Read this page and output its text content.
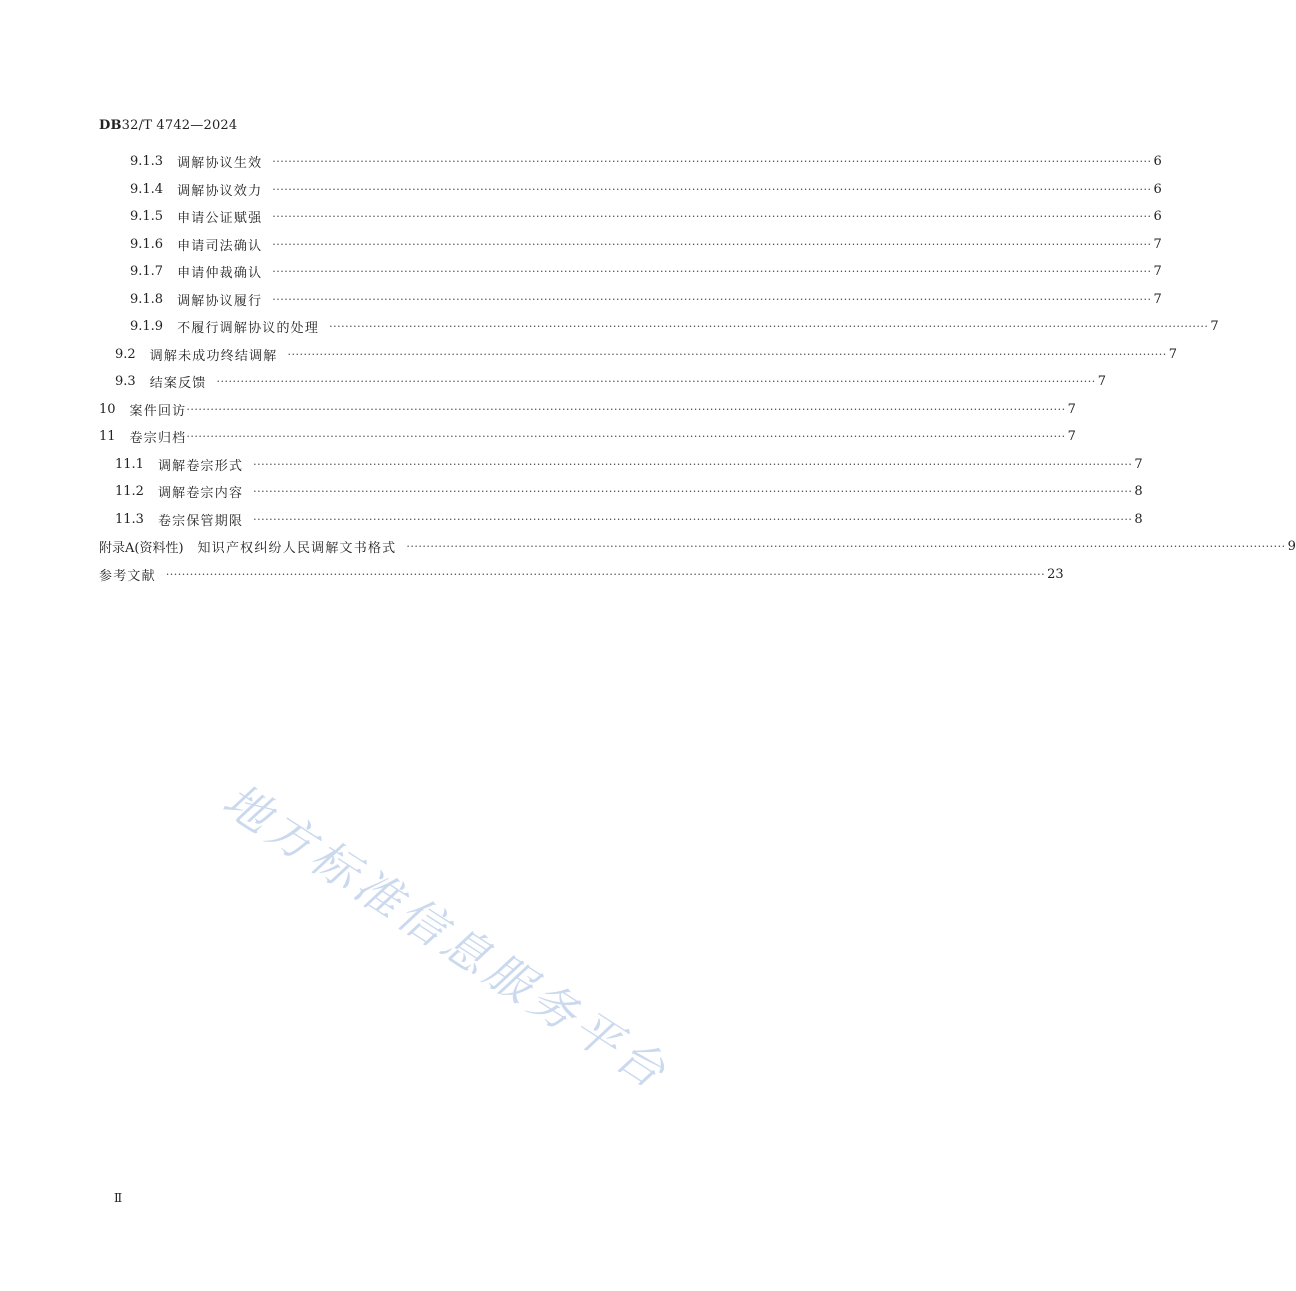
DB32/T 4742—2024
9.1.3 调解协议生效 ···························································································································································································································· 6
9.1.4 调解协议效力 ···························································································································································································································· 6
9.1.5 申请公证赋强 ···························································································································································································································· 6
9.1.6 申请司法确认 ···························································································································································································································· 7
9.1.7 申请仲裁确认 ···························································································································································································································· 7
9.1.8 调解协议履行 ···························································································································································································································· 7
9.1.9 不履行调解协议的处理 ···························································································································································································································· 7
9.2 调解未成功终结调解 ···························································································································································································································· 7
9.3 结案反馈 ···························································································································································································································· 7
10 案件回访 ···························································································································································································································· 7
11 卷宗归档 ···························································································································································································································· 7
11.1 调解卷宗形式 ···························································································································································································································· 7
11.2 调解卷宗内容 ···························································································································································································································· 8
11.3 卷宗保管期限 ···························································································································································································································· 8
附录A(资料性) 知识产权纠纷人民调解文书格式 ···························································································································································································································· 9
参考文献 ···························································································································································································································· 23
地方标准信息服务平台
Ⅱ
